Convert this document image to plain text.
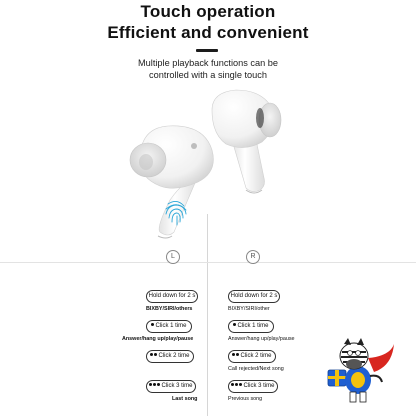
Touch operation
Efficient and convenient
Multiple playback functions can be
controlled with a single touch
L	R
Hold down for 2 s
BIXBY/SIRI/others
Click 1 time
Answer/hang up/play/pause
Click 2 time
Click 3 time
Last song
Hold down for 2 s
BIXBY/SIRI/other
Click 1 time
Answer/hang up/play/pause
Click 2 time
Call rejected/Next song
Click 3 time
Previous song
